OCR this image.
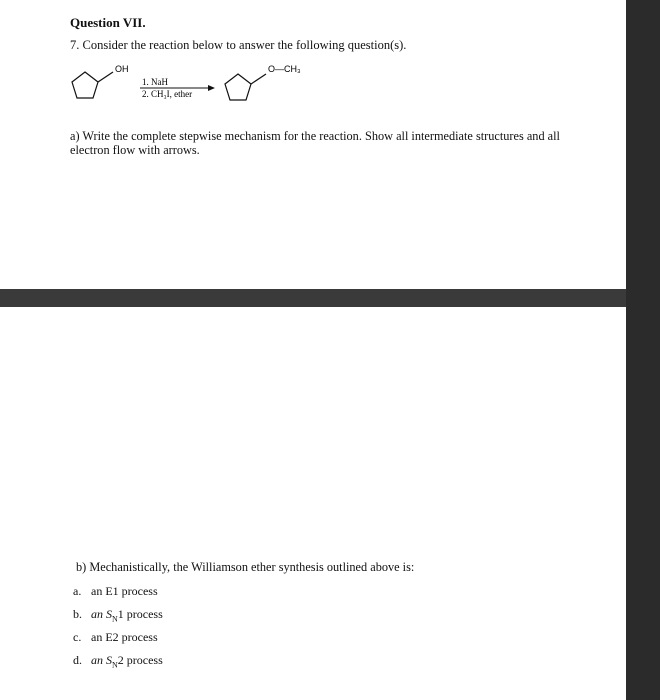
Question VII.
7. Consider the reaction below to answer the following question(s).
OH
1. NaH
2. CH₃I, ether
O—CH₃
a) Write the complete stepwise mechanism for the reaction. Show all intermediate structures and all electron flow with arrows.
b) Mechanistically, the Williamson ether synthesis outlined above is:
a. an E1 process
b. an $S_N1$ process
c. an E2 process
d. an $S_N2$ process
